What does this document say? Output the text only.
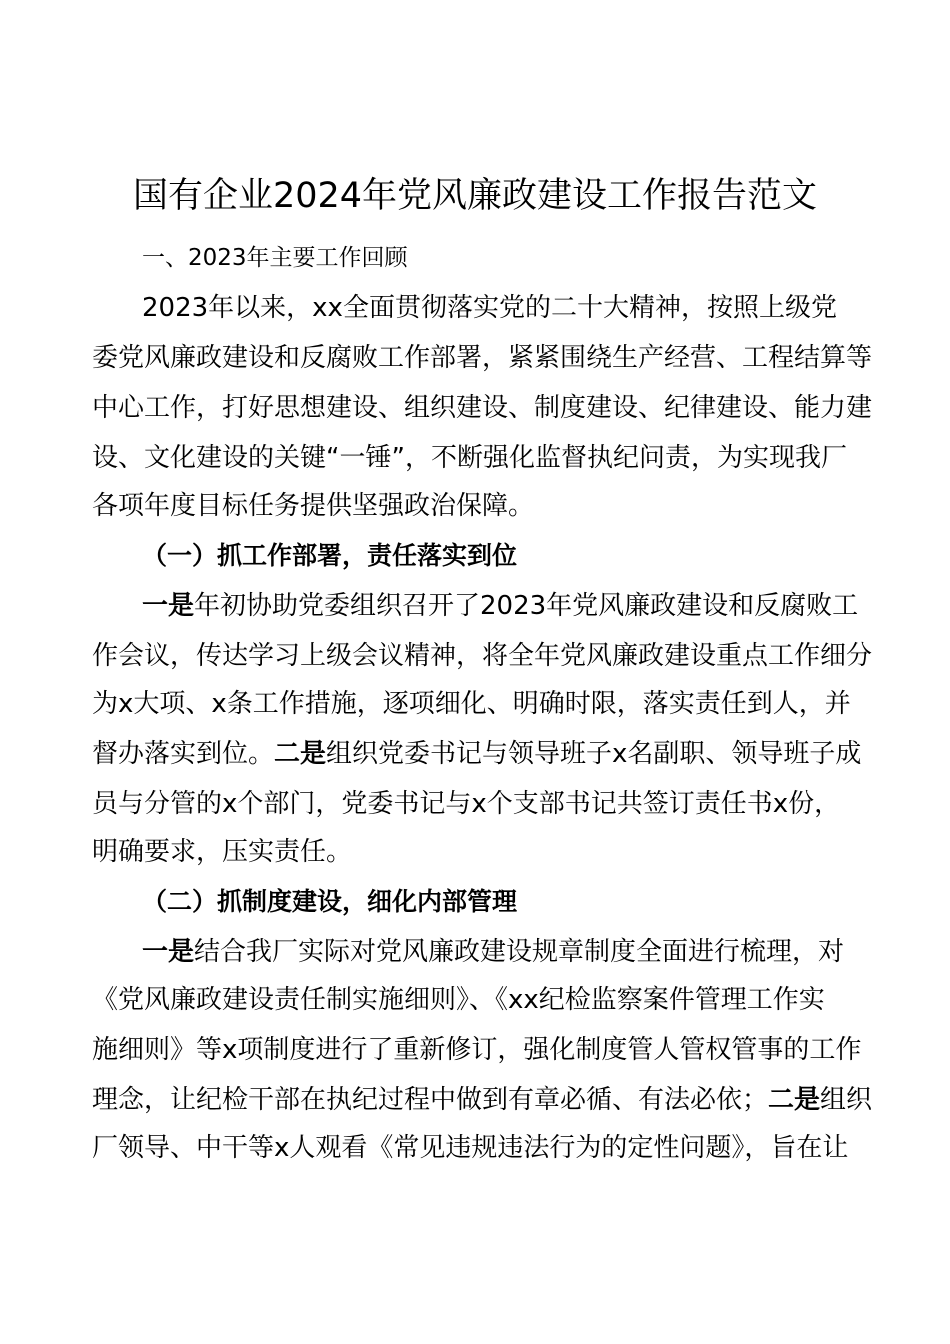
国有企业2024年党风廉政建设工作报告范文
一、2023年主要工作回顾
2023年以来，xx全面贯彻落实党的二十大精神，按照上级党
委党风廉政建设和反腐败工作部署，紧紧围绕生产经营、工程结算等
中心工作，打好思想建设、组织建设、制度建设、纪律建设、能力建
设、文化建设的关键“一锤”，不断强化监督执纪问责，为实现我厂
各项年度目标任务提供坚强政治保障。
（一）抓工作部署，责任落实到位
一是年初协助党委组织召开了2023年党风廉政建设和反腐败工
作会议，传达学习上级会议精神，将全年党风廉政建设重点工作细分
为x大项、x条工作措施，逐项细化、明确时限，落实责任到人，并
督办落实到位。二是组织党委书记与领导班子x名副职、领导班子成
员与分管的x个部门，党委书记与x个支部书记共签订责任书x份，
明确要求，压实责任。
（二）抓制度建设，细化内部管理
一是结合我厂实际对党风廉政建设规章制度全面进行梳理，对
《党风廉政建设责任制实施细则》、《xx纪检监察案件管理工作实
施细则》等x项制度进行了重新修订，强化制度管人管权管事的工作
理念，让纪检干部在执纪过程中做到有章必循、有法必依；二是组织
厂领导、中干等x人观看《常见违规违法行为的定性问题》，旨在让
